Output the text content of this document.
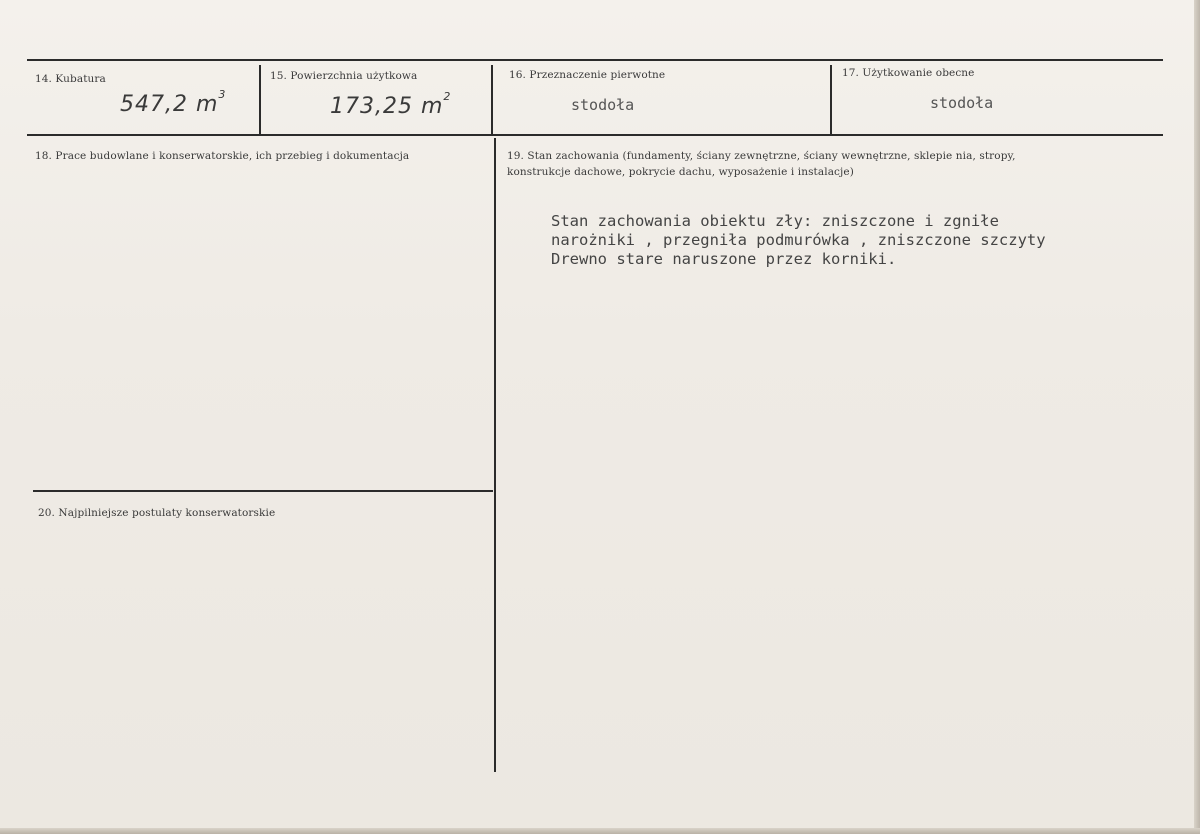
14. Kubatura
547,2 $m^3$
15. Powierzchnia użytkowa
173,25 $m^2$
16. Przeznaczenie pierwotne
stodoła
17. Użytkowanie obecne
stodoła
18. Prace budowlane i konserwatorskie, ich przebieg i dokumentacja
20. Najpilniejsze postulaty konserwatorskie
19. Stan zachowania (fundamenty, ściany zewnętrzne, ściany wewnętrzne, sklepie nia, stropy, konstrukcje dachowe, pokrycie dachu, wyposażenie i instalacje)
Stan zachowania obiektu zły: zniszczone i zgniłe
narożniki , przegniła podmurówka , zniszczone szczyty
Drewno stare naruszone przez korniki.
